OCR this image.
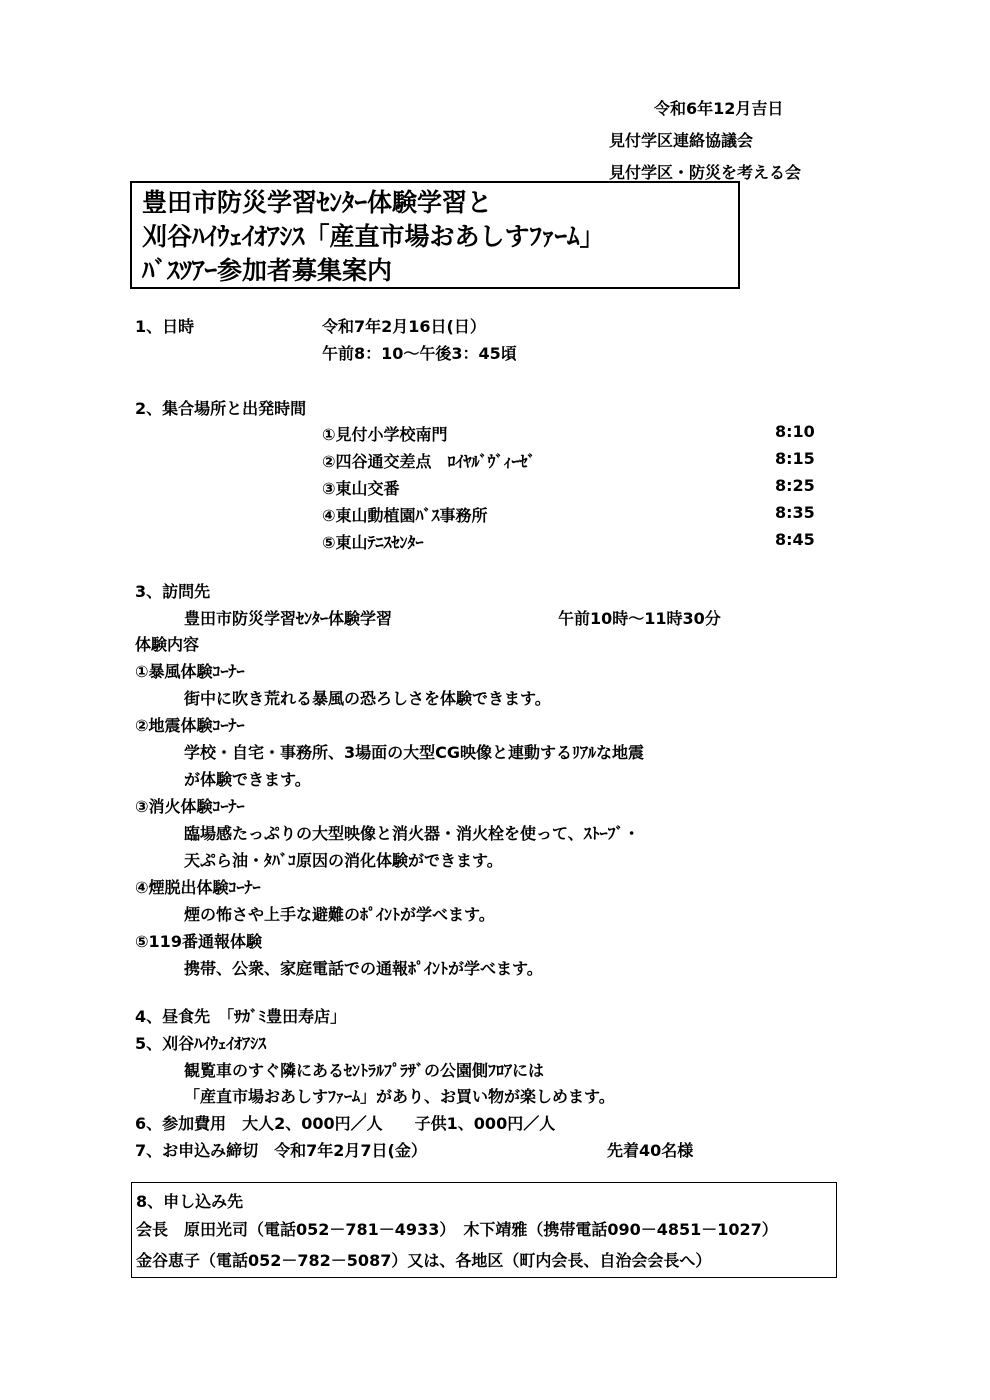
令和6年12月吉日
見付学区連絡協議会
見付学区・防災を考える会
豊田市防災学習ｾﾝﾀｰ体験学習と
刈谷ﾊｲｳｪｲｵｱｼｽ「産直市場おあしすﾌｧｰﾑ」
ﾊﾞｽﾂｱｰ参加者募集案内
1、日時	令和7年2月16日(日）
午前8：10～午後3：45頃
2、集合場所と出発時間
①見付小学校南門	8:10
②四谷通交差点　ﾛｲﾔﾙﾞｳﾞｨｰｾﾞ	8:15
③東山交番	8:25
④東山動植園ﾊﾞｽ事務所	8:35
⑤東山ﾃﾆｽｾﾝﾀｰ	8:45
3、訪問先
豊田市防災学習ｾﾝﾀｰ体験学習	午前10時～11時30分
体験内容
①暴風体験ｺｰﾅｰ
街中に吹き荒れる暴風の恐ろしさを体験できます。
②地震体験ｺｰﾅｰ
学校・自宅・事務所、3場面の大型CG映像と連動するﾘｱﾙな地震
が体験できます。
③消火体験ｺｰﾅｰ
臨場感たっぷりの大型映像と消火器・消火栓を使って、ｽﾄｰﾌﾞ・
天ぷら油・ﾀﾊﾞｺ原因の消化体験ができます。
④煙脱出体験ｺｰﾅｰ
煙の怖さや上手な避難のﾎﾟｲﾝﾄが学べます。
⑤119番通報体験
携帯、公衆、家庭電話での通報ﾎﾟｲﾝﾄが学べます。
4、昼食先　「ｻｶﾞﾐ豊田寿店」
5、刈谷ﾊｲｳｪｲｵｱｼｽ
観覧車のすぐ隣にあるｾﾝﾄﾗﾙﾌﾟﾗｻﾞの公園側ﾌﾛｱには
「産直市場おあしすﾌｧｰﾑ」があり、お買い物が楽しめます。
6、参加費用　大人2、000円／人　　子供1、000円／人
7、お申込み締切　令和7年2月7日(金）	先着40名様
8、申し込み先
会長　原田光司（電話052－781－4933）　木下靖雅（携帯電話090－4851－1027）
金谷恵子（電話052－782－5087）又は、各地区（町内会長、自治会会長へ）
